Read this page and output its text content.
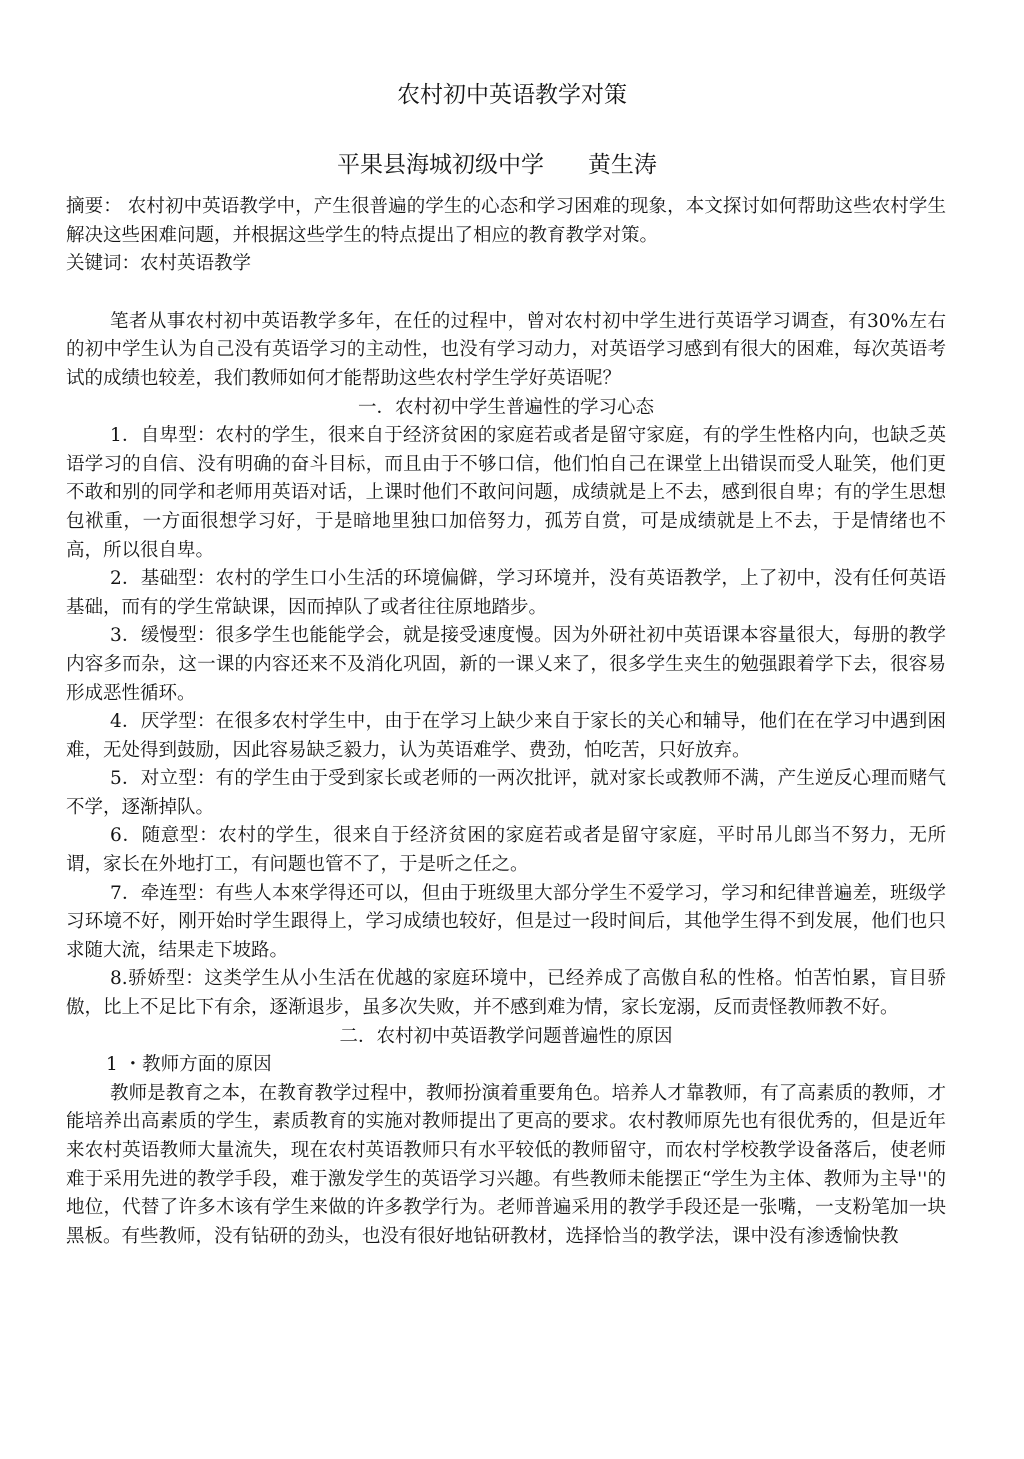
农村初中英语教学对策
平果县海城初级中学      黄生涛

摘要： 农村初中英语教学中，产生很普遍的学生的心态和学习困难的现象，本文探讨如何帮助这些农村学生解决这些困难问题，并根据这些学生的特点提出了相应的教育教学对策。

关键词：农村英语教学

笔者从事农村初中英语教学多年，在任的过程中，曾对农村初中学生进行英语学习调查，有30%左右的初中学生认为自己没有英语学习的主动性，也没有学习动力，对英语学习感到有很大的困难，每次英语考试的成绩也较差，我们教师如何才能帮助这些农村学生学好英语呢？

一．农村初中学生普遍性的学习心态

1．自卑型：农村的学生，很来自于经济贫困的家庭若或者是留守家庭，有的学生性格内向，也缺乏英语学习的自信、没有明确的奋斗目标，而且由于不够口信，他们怕自己在课堂上出错误而受人耻笑，他们更不敢和别的同学和老师用英语对话，上课时他们不敢问问题，成绩就是上不去，感到很自卑；有的学生思想包袱重，一方面很想学习好，于是暗地里独口加倍努力，孤芳自赏，可是成绩就是上不去，于是情绪也不高，所以很自卑。

2．基础型：农村的学生口小生活的环境偏僻，学习环境并，没有英语教学，上了初中，没有任何英语基础，而有的学生常缺课，因而掉队了或者往往原地踏步。

3．缓慢型：很多学生也能能学会，就是接受速度慢。因为外研社初中英语课本容量很大，每册的教学内容多而杂，这一课的内容还来不及消化巩固，新的一课乂来了，很多学生夹生的勉强跟着学下去，很容易形成恶性循环。

4．厌学型：在很多农村学生中，由于在学习上缺少来自于家长的关心和辅导，他们在在学习中遇到困难，无处得到鼓励，因此容易缺乏毅力，认为英语难学、费劲，怕吃苦，只好放弃。

5．对立型：有的学生由于受到家长或老师的一两次批评，就对家长或教师不满，产生逆反心理而赌气不学，逐渐掉队。

6．随意型：农村的学生，很来自于经济贫困的家庭若或者是留守家庭，平时吊儿郎当不努力，无所谓，家长在外地打工，有问题也管不了，于是听之任之。

7．牵连型：有些人本來学得还可以，但由于班级里大部分学生不爱学习，学习和纪律普遍差，班级学习环境不好，刚开始时学生跟得上，学习成绩也较好，但是过一段时间后，其他学生得不到发展，他们也只求随大流，结果走下坡路。

8.骄娇型：这类学生从小生活在优越的家庭环境中，已经养成了高傲自私的性格。怕苦怕累，盲目骄傲，比上不足比下有余，逐渐退步，虽多次失败，并不感到难为情，家长宠溺，反而责怪教师教不好。

二．农村初中英语教学问题普遍性的原因

1 ・教师方面的原因

教师是教育之本，在教育教学过程中，教师扮演着重要角色。培养人才靠教师，有了高素质的教师，才能培养出高素质的学生，素质教育的实施对教师提出了更高的要求。农村教师原先也有很优秀的，但是近年来农村英语教师大量流失，现在农村英语教师只有水平较低的教师留守，而农村学校教学设备落后，使老师难于采用先进的教学手段，难于激发学生的英语学习兴趣。有些教师未能摆正“学生为主体、教师为主导''的地位，代替了许多木该有学生来做的许多教学行为。老师普遍采用的教学手段还是一张嘴，一支粉笔加一块黑板。有些教师，没有钻研的劲头，也没有很好地钻研教材，选择恰当的教学法，课中没有渗透愉快教
